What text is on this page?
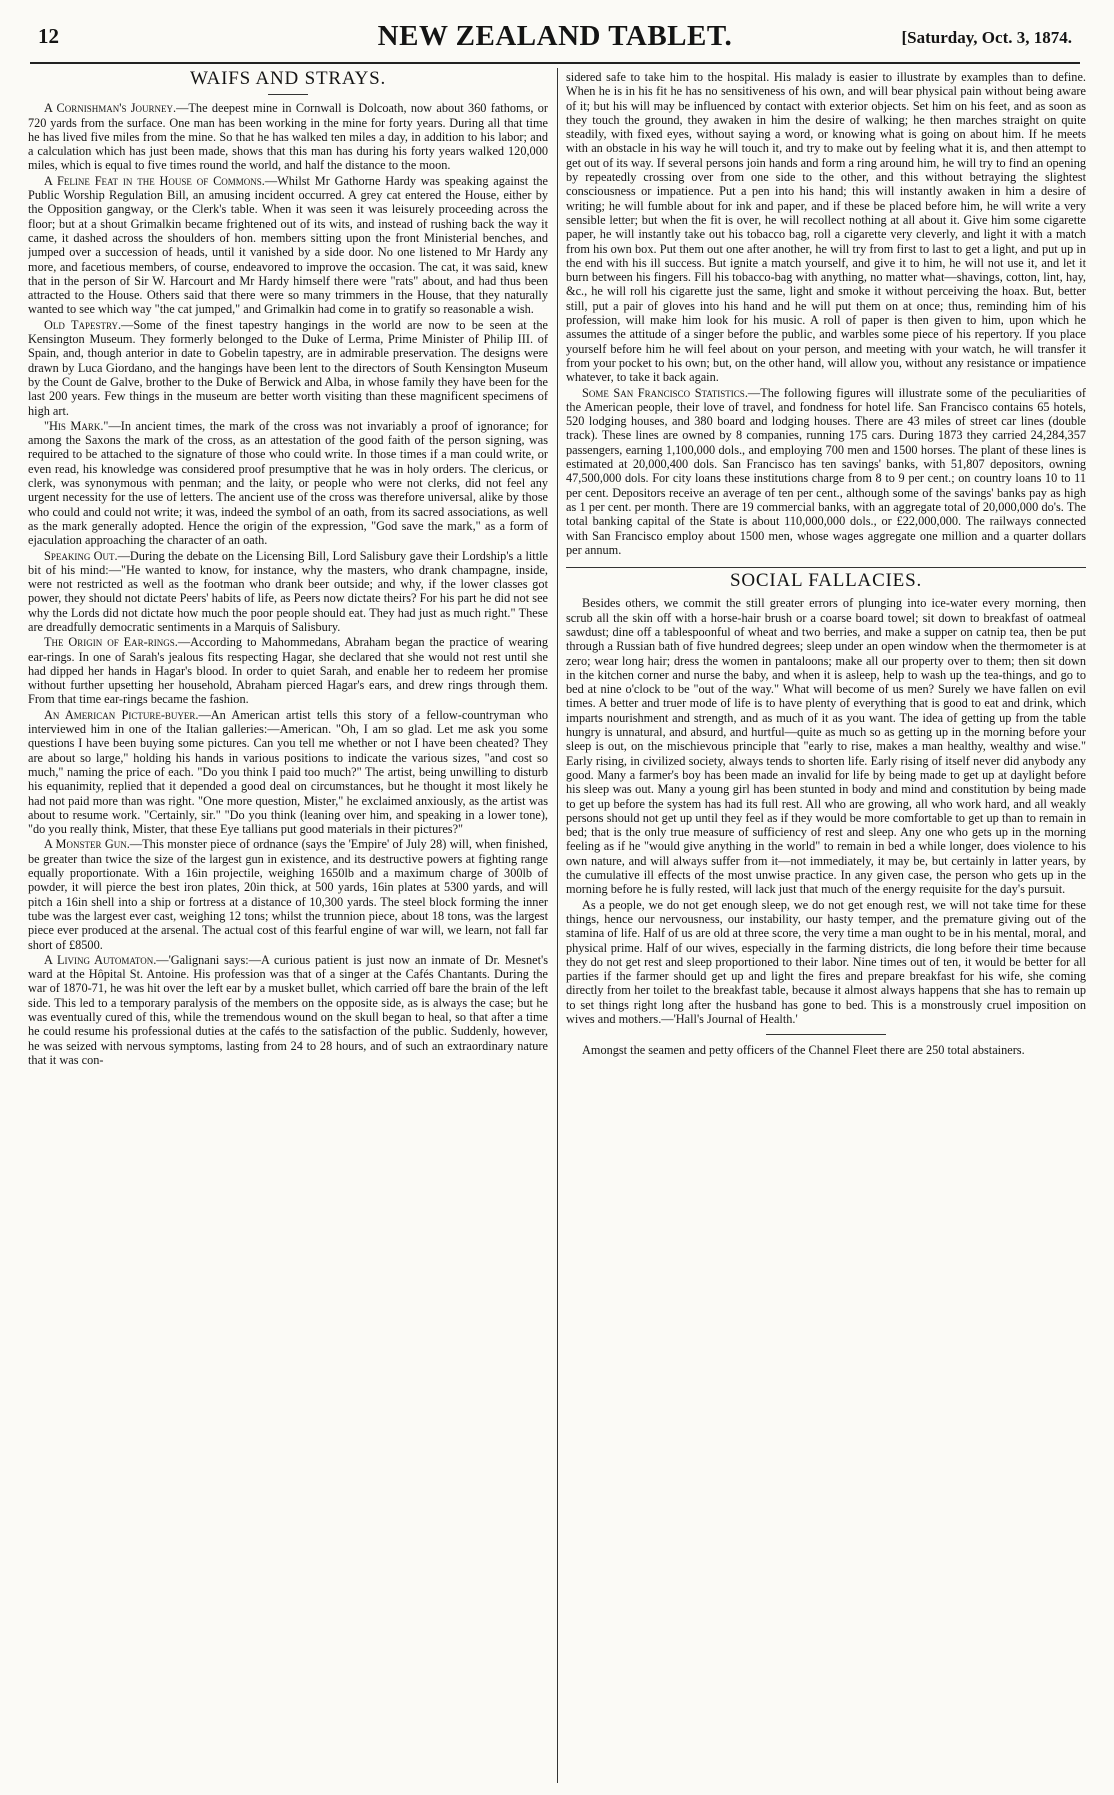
12	NEW ZEALAND TABLET.	[Saturday, Oct. 3, 1874.
WAIFS AND STRAYS.

A Cornishman's Journey.—The deepest mine in Cornwall is Dolcoath, now about 360 fathoms, or 720 yards from the surface. One man has been working in the mine for forty years. During all that time he has lived five miles from the mine. So that he has walked ten miles a day, in addition to his labor; and a calculation which has just been made, shows that this man has during his forty years walked 120,000 miles, which is equal to five times round the world, and half the distance to the moon.

A Feline Feat in the House of Commons.—Whilst Mr Gathorne Hardy was speaking against the Public Worship Regulation Bill, an amusing incident occurred. A grey cat entered the House, either by the Opposition gangway, or the Clerk's table. When it was seen it was leisurely proceeding across the floor; but at a shout Grimalkin became frightened out of its wits, and instead of rushing back the way it came, it dashed across the shoulders of hon. members sitting upon the front Ministerial benches, and jumped over a succession of heads, until it vanished by a side door. No one listened to Mr Hardy any more, and facetious members, of course, endeavored to improve the occasion. The cat, it was said, knew that in the person of Sir W. Harcourt and Mr Hardy himself there were "rats" about, and had thus been attracted to the House. Others said that there were so many trimmers in the House, that they naturally wanted to see which way "the cat jumped," and Grimalkin had come in to gratify so reasonable a wish.

Old Tapestry.—Some of the finest tapestry hangings in the world are now to be seen at the Kensington Museum. They formerly belonged to the Duke of Lerma, Prime Minister of Philip III. of Spain, and, though anterior in date to Gobelin tapestry, are in admirable preservation. The designs were drawn by Luca Giordano, and the hangings have been lent to the directors of South Kensington Museum by the Count de Galve, brother to the Duke of Berwick and Alba, in whose family they have been for the last 200 years. Few things in the museum are better worth visiting than these magnificent specimens of high art.

"His Mark."—In ancient times, the mark of the cross was not invariably a proof of ignorance; for among the Saxons the mark of the cross, as an attestation of the good faith of the person signing, was required to be attached to the signature of those who could write. In those times if a man could write, or even read, his knowledge was considered proof presumptive that he was in holy orders. The clericus, or clerk, was synonymous with penman; and the laity, or people who were not clerks, did not feel any urgent necessity for the use of letters. The ancient use of the cross was therefore universal, alike by those who could and could not write; it was, indeed the symbol of an oath, from its sacred associations, as well as the mark generally adopted. Hence the origin of the expression, "God save the mark," as a form of ejaculation approaching the character of an oath.

Speaking Out.—During the debate on the Licensing Bill, Lord Salisbury gave their Lordship's a little bit of his mind:—"He wanted to know, for instance, why the masters, who drank champagne, inside, were not restricted as well as the footman who drank beer outside; and why, if the lower classes got power, they should not dictate Peers' habits of life, as Peers now dictate theirs? For his part he did not see why the Lords did not dictate how much the poor people should eat. They had just as much right." These are dreadfully democratic sentiments in a Marquis of Salisbury.

The Origin of Ear-rings.—According to Mahommedans, Abraham began the practice of wearing ear-rings. In one of Sarah's jealous fits respecting Hagar, she declared that she would not rest until she had dipped her hands in Hagar's blood. In order to quiet Sarah, and enable her to redeem her promise without further upsetting her household, Abraham pierced Hagar's ears, and drew rings through them. From that time ear-rings became the fashion.

An American Picture-buyer.—An American artist tells this story of a fellow-countryman who interviewed him in one of the Italian galleries:—American. "Oh, I am so glad. Let me ask you some questions I have been buying some pictures. Can you tell me whether or not I have been cheated? They are about so large," holding his hands in various positions to indicate the various sizes, "and cost so much," naming the price of each. "Do you think I paid too much?" The artist, being unwilling to disturb his equanimity, replied that it depended a good deal on circumstances, but he thought it most likely he had not paid more than was right. "One more question, Mister," he exclaimed anxiously, as the artist was about to resume work. "Certainly, sir." "Do you think (leaning over him, and speaking in a lower tone), "do you really think, Mister, that these Eye tallians put good materials in their pictures?"

A Monster Gun.—This monster piece of ordnance (says the 'Empire' of July 28) will, when finished, be greater than twice the size of the largest gun in existence, and its destructive powers at fighting range equally proportionate. With a 16in projectile, weighing 1650lb and a maximum charge of 300lb of powder, it will pierce the best iron plates, 20in thick, at 500 yards, 16in plates at 5300 yards, and will pitch a 16in shell into a ship or fortress at a distance of 10,300 yards. The steel block forming the inner tube was the largest ever cast, weighing 12 tons; whilst the trunnion piece, about 18 tons, was the largest piece ever produced at the arsenal. The actual cost of this fearful engine of war will, we learn, not fall far short of £8500.

A Living Automaton.—'Galignani says:—A curious patient is just now an inmate of Dr. Mesnet's ward at the Hôpital St. Antoine. His profession was that of a singer at the Cafés Chantants. During the war of 1870-71, he was hit over the left ear by a musket bullet, which carried off bare the brain of the left side. This led to a temporary paralysis of the members on the opposite side, as is always the case; but he was eventually cured of this, while the tremendous wound on the skull began to heal, so that after a time he could resume his professional duties at the cafés to the satisfaction of the public. Suddenly, however, he was seized with nervous symptoms, lasting from 24 to 28 hours, and of such an extraordinary nature that it was con-

sidered safe to take him to the hospital. His malady is easier to illustrate by examples than to define. When he is in his fit he has no sensitiveness of his own, and will bear physical pain without being aware of it; but his will may be influenced by contact with exterior objects. Set him on his feet, and as soon as they touch the ground, they awaken in him the desire of walking; he then marches straight on quite steadily, with fixed eyes, without saying a word, or knowing what is going on about him. If he meets with an obstacle in his way he will touch it, and try to make out by feeling what it is, and then attempt to get out of its way. If several persons join hands and form a ring around him, he will try to find an opening by repeatedly crossing over from one side to the other, and this without betraying the slightest consciousness or impatience. Put a pen into his hand; this will instantly awaken in him a desire of writing; he will fumble about for ink and paper, and if these be placed before him, he will write a very sensible letter; but when the fit is over, he will recollect nothing at all about it. Give him some cigarette paper, he will instantly take out his tobacco bag, roll a cigarette very cleverly, and light it with a match from his own box. Put them out one after another, he will try from first to last to get a light, and put up in the end with his ill success. But ignite a match yourself, and give it to him, he will not use it, and let it burn between his fingers. Fill his tobacco-bag with anything, no matter what—shavings, cotton, lint, hay, &c., he will roll his cigarette just the same, light and smoke it without perceiving the hoax. But, better still, put a pair of gloves into his hand and he will put them on at once; thus, reminding him of his profession, will make him look for his music. A roll of paper is then given to him, upon which he assumes the attitude of a singer before the public, and warbles some piece of his repertory. If you place yourself before him he will feel about on your person, and meeting with your watch, he will transfer it from your pocket to his own; but, on the other hand, will allow you, without any resistance or impatience whatever, to take it back again.

Some San Francisco Statistics.—The following figures will illustrate some of the peculiarities of the American people, their love of travel, and fondness for hotel life. San Francisco contains 65 hotels, 520 lodging houses, and 380 board and lodging houses. There are 43 miles of street car lines (double track). These lines are owned by 8 companies, running 175 cars. During 1873 they carried 24,284,357 passengers, earning 1,100,000 dols., and employing 700 men and 1500 horses. The plant of these lines is estimated at 20,000,400 dols. San Francisco has ten savings' banks, with 51,807 depositors, owning 47,500,000 dols. For city loans these institutions charge from 8 to 9 per cent.; on country loans 10 to 11 per cent. Depositors receive an average of ten per cent., although some of the savings' banks pay as high as 1 per cent. per month. There are 19 commercial banks, with an aggregate total of 20,000,000 do's. The total banking capital of the State is about 110,000,000 dols., or £22,000,000. The railways connected with San Francisco employ about 1500 men, whose wages aggregate one million and a quarter dollars per annum.

SOCIAL FALLACIES.

Besides others, we commit the still greater errors of plunging into ice-water every morning, then scrub all the skin off with a horse-hair brush or a coarse board towel; sit down to breakfast of oatmeal sawdust; dine off a tablespoonful of wheat and two berries, and make a supper on catnip tea, then be put through a Russian bath of five hundred degrees; sleep under an open window when the thermometer is at zero; wear long hair; dress the women in pantaloons; make all our property over to them; then sit down in the kitchen corner and nurse the baby, and when it is asleep, help to wash up the tea-things, and go to bed at nine o'clock to be "out of the way." What will become of us men? Surely we have fallen on evil times. A better and truer mode of life is to have plenty of everything that is good to eat and drink, which imparts nourishment and strength, and as much of it as you want. The idea of getting up from the table hungry is unnatural, and absurd, and hurtful—quite as much so as getting up in the morning before your sleep is out, on the mischievous principle that "early to rise, makes a man healthy, wealthy and wise." Early rising, in civilized society, always tends to shorten life. Early rising of itself never did anybody any good. Many a farmer's boy has been made an invalid for life by being made to get up at daylight before his sleep was out. Many a young girl has been stunted in body and mind and constitution by being made to get up before the system has had its full rest. All who are growing, all who work hard, and all weakly persons should not get up until they feel as if they would be more comfortable to get up than to remain in bed; that is the only true measure of sufficiency of rest and sleep. Any one who gets up in the morning feeling as if he "would give anything in the world" to remain in bed a while longer, does violence to his own nature, and will always suffer from it—not immediately, it may be, but certainly in latter years, by the cumulative ill effects of the most unwise practice. In any given case, the person who gets up in the morning before he is fully rested, will lack just that much of the energy requisite for the day's pursuit.

As a people, we do not get enough sleep, we do not get enough rest, we will not take time for these things, hence our nervousness, our instability, our hasty temper, and the premature giving out of the stamina of life. Half of us are old at three score, the very time a man ought to be in his mental, moral, and physical prime. Half of our wives, especially in the farming districts, die long before their time because they do not get rest and sleep proportioned to their labor. Nine times out of ten, it would be better for all parties if the farmer should get up and light the fires and prepare breakfast for his wife, she coming directly from her toilet to the breakfast table, because it almost always happens that she has to remain up to set things right long after the husband has gone to bed. This is a monstrously cruel imposition on wives and mothers.—'Hall's Journal of Health.'

Amongst the seamen and petty officers of the Channel Fleet there are 250 total abstainers.
